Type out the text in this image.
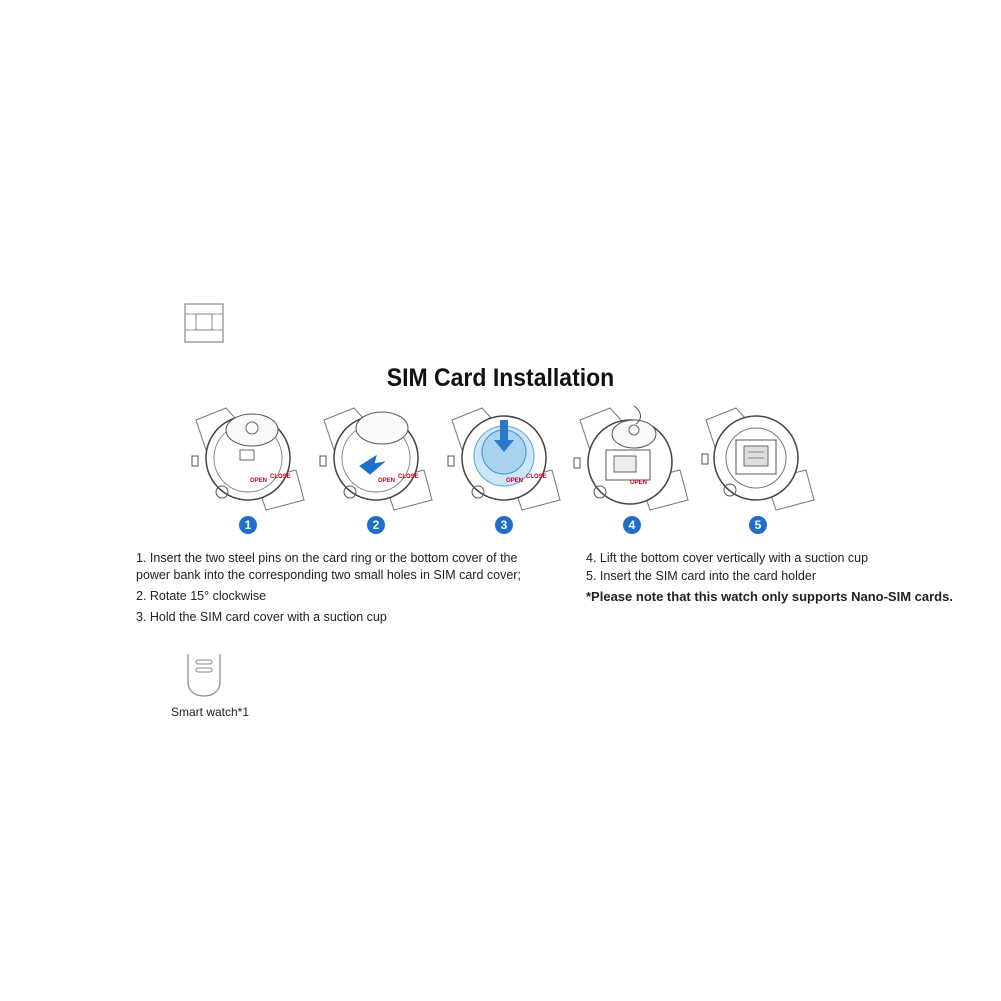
SIM Card Installation
OPEN
CLOSE
1
15°
OPEN
CLOSE
2
OPEN
CLOSE
3
OPEN
4	5

1. Insert the two steel pins on the card ring or the bottom cover of the power bank into the corresponding two small holes in SIM card cover;

2. Rotate 15° clockwise

3. Hold the SIM card cover with a suction cup

4. Lift the bottom cover vertically with a suction cup

5. Insert the SIM card into the card holder

*Please note that this watch only supports Nano-SIM cards.

Smart watch*1
